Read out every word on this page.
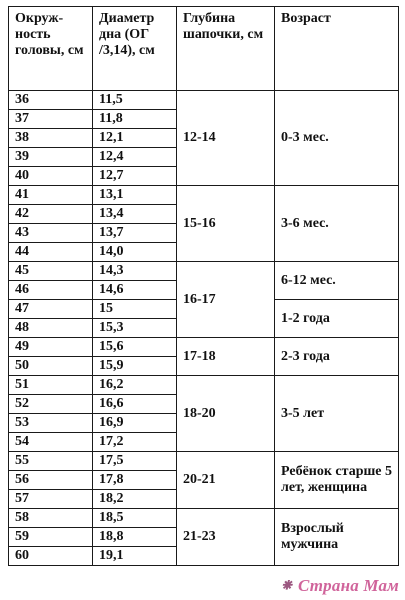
Окруж-ность головы, см	Диаметр дна (ОГ /3,14), см	Глубина шапочки, см	Возраст
36	11,5	12-14	0-3 мес.
37	11,8		
38	12,1		
39	12,4		
40	12,7		
41	13,1	15-16	3-6 мес.
42	13,4		
43	13,7		
44	14,0		
45	14,3	16-17	6-12 мес.
46	14,6		
47	15		1-2 года
48	15,3		
49	15,6	17-18	2-3 года
50	15,9		
51	16,2	18-20	3-5 лет
52	16,6		
53	16,9		
54	17,2		
55	17,5	20-21	Ребёнок старше 5 лет, женщина
56	17,8		
57	18,2		
58	18,5	21-23	Взрослый мужчина
59	18,8		
60	19,1		
⁕ Страна Мам
